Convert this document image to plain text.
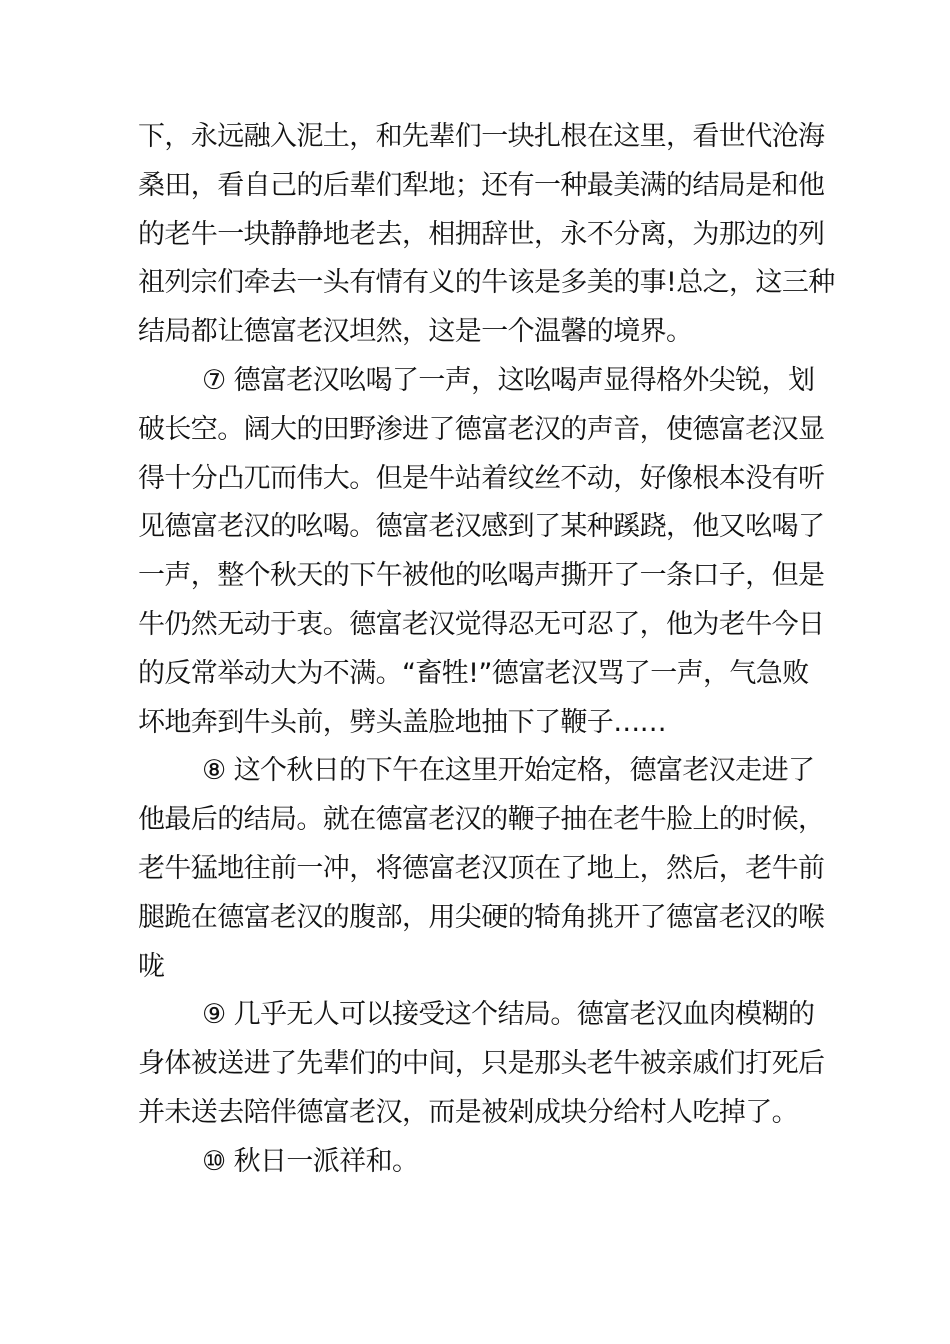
下，永远融入泥土，和先辈们一块扎根在这里，看世代沧海
桑田，看自己的后辈们犁地；还有一种最美满的结局是和他
的老牛一块静静地老去，相拥辞世，永不分离，为那边的列
祖列宗们牵去一头有情有义的牛该是多美的事!总之，这三种
结局都让德富老汉坦然，这是一个温馨的境界。
⑦ 德富老汉吆喝了一声，这吆喝声显得格外尖锐，划
破长空。阔大的田野渗进了德富老汉的声音，使德富老汉显
得十分凸兀而伟大。但是牛站着纹丝不动，好像根本没有听
见德富老汉的吆喝。德富老汉感到了某种蹊跷，他又吆喝了
一声，整个秋天的下午被他的吆喝声撕开了一条口子，但是
牛仍然无动于衷。德富老汉觉得忍无可忍了，他为老牛今日
的反常举动大为不满。“畜牲!”德富老汉骂了一声，气急败
坏地奔到牛头前，劈头盖脸地抽下了鞭子……
⑧ 这个秋日的下午在这里开始定格，德富老汉走进了
他最后的结局。就在德富老汉的鞭子抽在老牛脸上的时候，
老牛猛地往前一冲，将德富老汉顶在了地上，然后，老牛前
腿跪在德富老汉的腹部，用尖硬的犄角挑开了德富老汉的喉
咙
⑨ 几乎无人可以接受这个结局。德富老汉血肉模糊的
身体被送进了先辈们的中间，只是那头老牛被亲戚们打死后
并未送去陪伴德富老汉，而是被剁成块分给村人吃掉了。
⑩ 秋日一派祥和。
